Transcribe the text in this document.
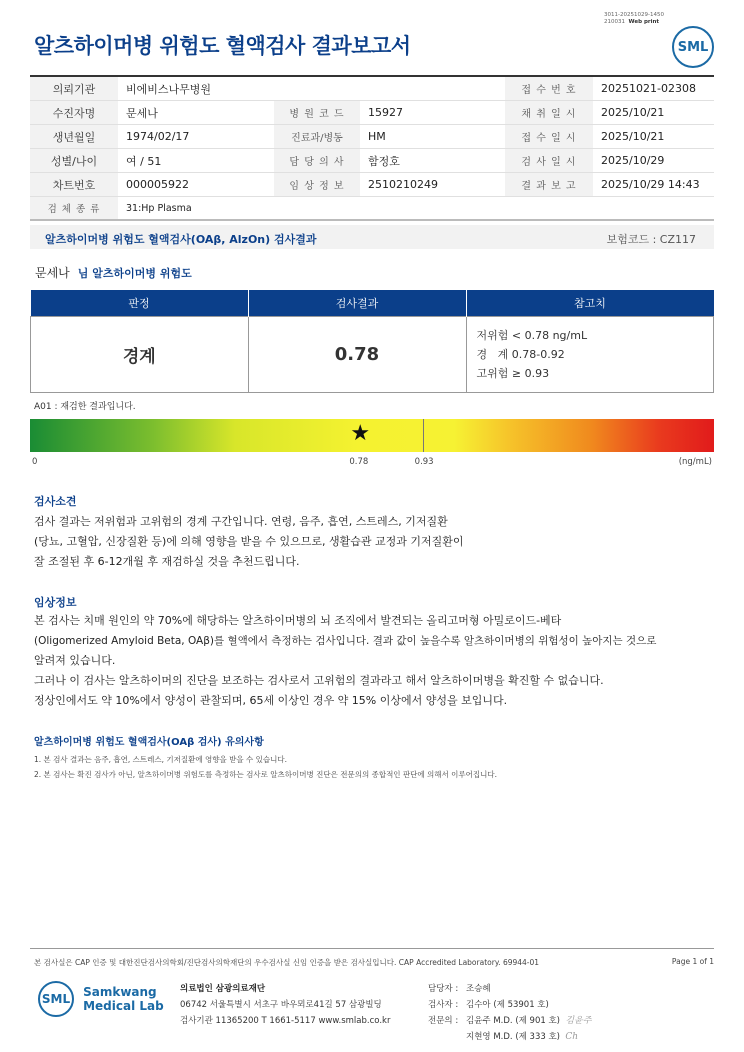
3011-20251029-1450
210031 Web print
알츠하이머병 위험도 혈액검사 결과보고서	SML
의뢰기관	비에비스나무병원			접 수 번 호	20251021-02308
수진자명	문세나	병 원 코 드	15927	채 취 일 시	2025/10/21
생년월일	1974/02/17	진료과/병동	HM	접 수 일 시	2025/10/21
성별/나이	여 / 51	담 당 의 사	함정호	검 사 일 시	2025/10/29
차트번호	000005922	임 상 정 보	2510210249	결 과 보 고	2025/10/29 14:43
검 체 종 류	31:Hp Plasma				
알츠하이머병 위험도 혈액검사(OAβ, AlzOn) 검사결과	보험코드 : CZ117
문세나 님 알츠하이머병 위험도
판정	검사결과	참고치
경계	0.78	저위험 < 0.78 ng/mL
경   계 0.78-0.92
고위험 ≥ 0.93
A01 : 재검한 결과입니다.
★
0	0.78	0.93	(ng/mL)
검사소견
검사 결과는 저위험과 고위험의 경계 구간입니다. 연령, 음주, 흡연, 스트레스, 기저질환
(당뇨, 고혈압, 신장질환 등)에 의해 영향을 받을 수 있으므로, 생활습관 교정과 기저질환이
잘 조절된 후 6-12개월 후 재검하실 것을 추천드립니다.
임상정보
본 검사는 치매 원인의 약 70%에 해당하는 알츠하이머병의 뇌 조직에서 발견되는 올리고머형 아밀로이드-베타
(Oligomerized Amyloid Beta, OAβ)를 혈액에서 측정하는 검사입니다. 결과 값이 높을수록 알츠하이머병의 위험성이 높아지는 것으로
알려져 있습니다.
그러나 이 검사는 알츠하이머의 진단을 보조하는 검사로서 고위험의 결과라고 해서 알츠하이머병을 확진할 수 없습니다.
정상인에서도 약 10%에서 양성이 관찰되며, 65세 이상인 경우 약 15% 이상에서 양성을 보입니다.
알츠하이머병 위험도 혈액검사(OAβ 검사) 유의사항
1. 본 검사 결과는 음주, 흡연, 스트레스, 기저질환에 영향을 받을 수 있습니다.
2. 본 검사는 확진 검사가 아닌, 알츠하이머병 위험도를 측정하는 검사로 알츠하이머병 진단은 전문의의 종합적인 판단에 의해서 이루어집니다.
본 검사실은 CAP 인증 및 대한진단검사의학회/진단검사의학재단의 우수검사실 신임 인증을 받은 검사실입니다. CAP Accredited Laboratory. 69944-01	Page 1 of 1
SML Samkwang
Medical Lab
의료법인 삼광의료재단
06742 서울특별시 서초구 바우뫼로41길 57 삼광빌딩
검사기관 11365200 T 1661-5117 www.smlab.co.kr
담당자 : 조승혜
검사자 : 김수아 (제 53901 호)
전문의 : 김윤주 M.D. (제 901 호) 김윤주
지현영 M.D. (제 333 호) Ch
